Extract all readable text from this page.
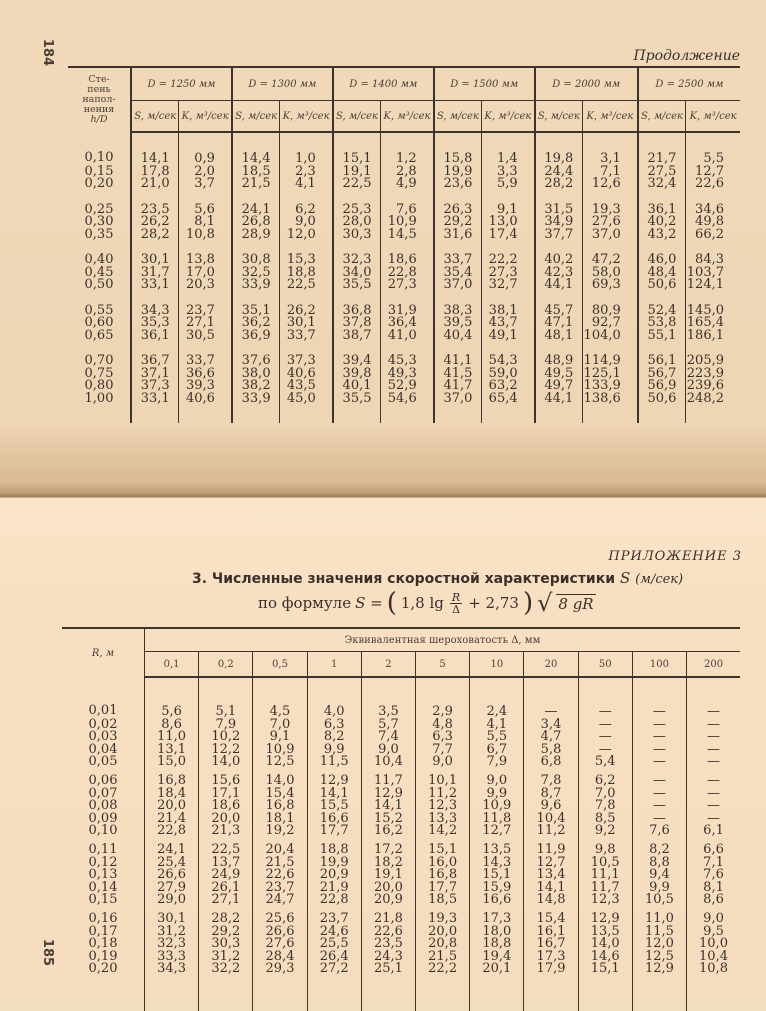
184	Продолжение
Сте-
пень
напол-
нения
h/D	D = 1250 мм		D = 1300 мм		D = 1400 мм		D = 1500 мм		D = 2000 мм		D = 2500 мм	
	S, м/сек	K, м³/сек	S, м/сек	K, м³/сек	S, м/сек	K, м³/сек	S, м/сек	K, м³/сек	S, м/сек	K, м³/сек	S, м/сек	K, м³/сек
0,10	14,1	0,9	14,4	1,0	15,1	1,2	15,8	1,4	19,8	3,1	21,7	5,5
0,15	17,8	2,0	18,5	2,3	19,1	2,8	19,9	3,3	24,4	7,1	27,5	12,7
0,20	21,0	3,7	21,5	4,1	22,5	4,9	23,6	5,9	28,2	12,6	32,4	22,6
0,25	23,5	5,6	24,1	6,2	25,3	7,6	26,3	9,1	31,5	19,3	36,1	34,6
0,30	26,2	8,1	26,8	9,0	28,0	10,9	29,2	13,0	34,9	27,6	40,2	49,8
0,35	28,2	10,8	28,9	12,0	30,3	14,5	31,6	17,4	37,7	37,0	43,2	66,2
0,40	30,1	13,8	30,8	15,3	32,3	18,6	33,7	22,2	40,2	47,2	46,0	84,3
0,45	31,7	17,0	32,5	18,8	34,0	22,8	35,4	27,3	42,3	58,0	48,4	103,7
0,50	33,1	20,3	33,9	22,5	35,5	27,3	37,0	32,7	44,1	69,3	50,6	124,1
0,55	34,3	23,7	35,1	26,2	36,8	31,9	38,3	38,1	45,7	80,9	52,4	145,0
0,60	35,3	27,1	36,2	30,1	37,8	36,4	39,5	43,7	47,1	92,7	53,8	165,4
0,65	36,1	30,5	36,9	33,7	38,7	41,0	40,4	49,1	48,1	104,0	55,1	186,1
0,70	36,7	33,7	37,6	37,3	39,4	45,3	41,1	54,3	48,9	114,9	56,1	205,9
0,75	37,1	36,6	38,0	40,6	39,8	49,3	41,5	59,0	49,5	125,1	56,7	223,9
0,80	37,3	39,3	38,2	43,5	40,1	52,9	41,7	63,2	49,7	133,9	56,9	239,6
1,00	33,1	40,6	33,9	45,0	35,5	54,6	37,0	65,4	44,1	138,6	50,6	248,2
ПРИЛОЖЕНИЕ 3
3. Численные значения скоростной характеристики S (м/сек)
по формуле S = ( 1,8 $\lg \frac{R}{\Delta} + 2,73$ ) √ 8 gR
R, м	Эквивалентная шероховатость Δ, мм										
	0,1	0,2	0,5	1	2	5	10	20	50	100	200
0,01	5,6	5,1	4,5	4,0	3,5	2,9	2,4	—	—	—	—
0,02	8,6	7,9	7,0	6,3	5,7	4,8	4,1	3,4	—	—	—
0,03	11,0	10,2	9,1	8,2	7,4	6,3	5,5	4,7	—	—	—
0,04	13,1	12,2	10,9	9,9	9,0	7,7	6,7	5,8	—	—	—
0,05	15,0	14,0	12,5	11,5	10,4	9,0	7,9	6,8	5,4	—	—
0,06	16,8	15,6	14,0	12,9	11,7	10,1	9,0	7,8	6,2	—	—
0,07	18,4	17,1	15,4	14,1	12,9	11,2	9,9	8,7	7,0	—	—
0,08	20,0	18,6	16,8	15,5	14,1	12,3	10,9	9,6	7,8	—	—
0,09	21,4	20,0	18,1	16,6	15,2	13,3	11,8	10,4	8,5	—	—
0,10	22,8	21,3	19,2	17,7	16,2	14,2	12,7	11,2	9,2	7,6	6,1
0,11	24,1	22,5	20,4	18,8	17,2	15,1	13,5	11,9	9,8	8,2	6,6
0,12	25,4	13,7	21,5	19,9	18,2	16,0	14,3	12,7	10,5	8,8	7,1
0,13	26,6	24,9	22,6	20,9	19,1	16,8	15,1	13,4	11,1	9,4	7,6
0,14	27,9	26,1	23,7	21,9	20,0	17,7	15,9	14,1	11,7	9,9	8,1
0,15	29,0	27,1	24,7	22,8	20,9	18,5	16,6	14,8	12,3	10,5	8,6
0,16	30,1	28,2	25,6	23,7	21,8	19,3	17,3	15,4	12,9	11,0	9,0
0,17	31,2	29,2	26,6	24,6	22,6	20,0	18,0	16,1	13,5	11,5	9,5
0,18	32,3	30,3	27,6	25,5	23,5	20,8	18,8	16,7	14,0	12,0	10,0
0,19	33,3	31,2	28,4	26,4	24,3	21,5	19,4	17,3	14,6	12,5	10,4
0,20	34,3	32,2	29,3	27,2	25,1	22,2	20,1	17,9	15,1	12,9	10,8
185
